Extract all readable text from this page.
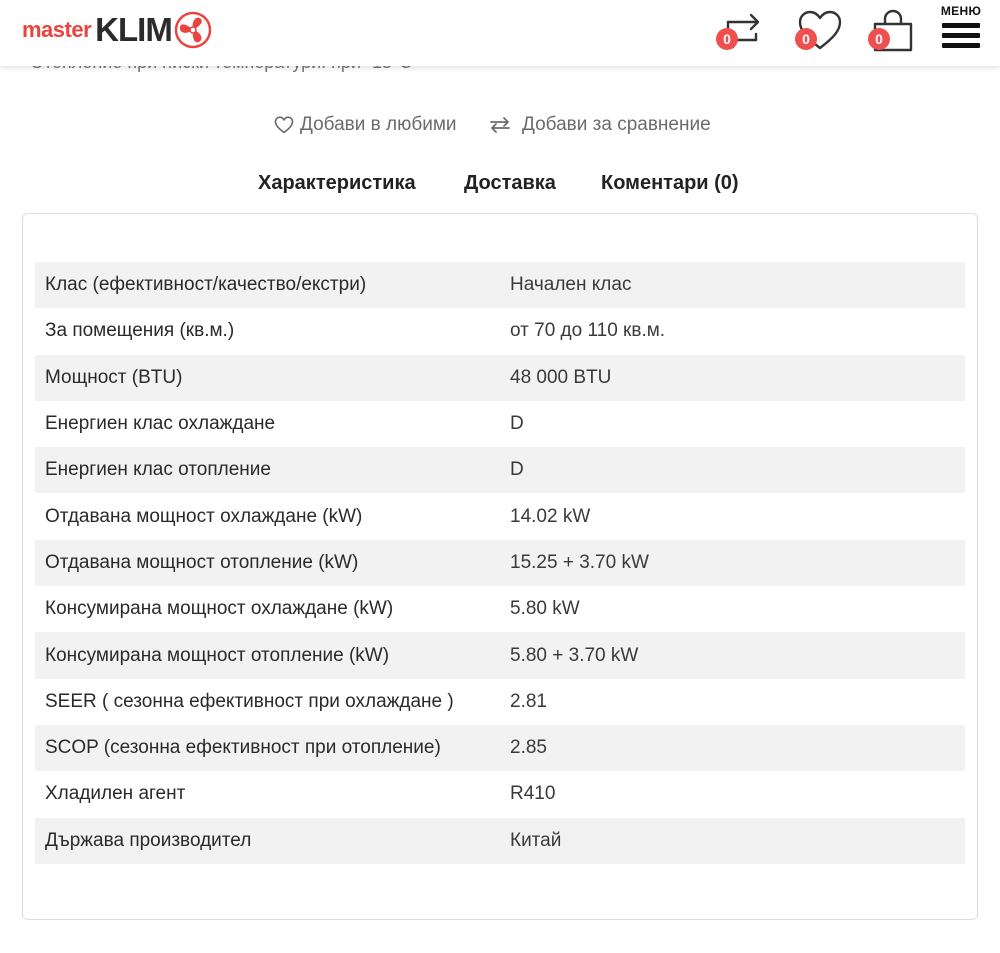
master KLIM	0	0	0
МЕНЮ
Добави в любими	Добави за сравнение
Характеристика Доставка Коментари (0)
Клас (ефективност/качество/екстри)	Начален клас
За помещения (кв.м.)	от 70 до 110 кв.м.
Мощност (BTU)	48 000 BTU
Енергиен клас охлаждане	D
Енергиен клас отопление	D
Отдавана мощност охлаждане (kW)	14.02 kW
Отдавана мощност отопление (kW)	15.25 + 3.70 kW
Консумирана мощност охлаждане (kW)	5.80 kW
Консумирана мощност отопление (kW)	5.80 + 3.70 kW
SEER ( сезонна ефективност при охлаждане )	2.81
SCOP (сезонна ефективност при отопление)	2.85
Хладилен агент	R410
Държава производител	Китай
